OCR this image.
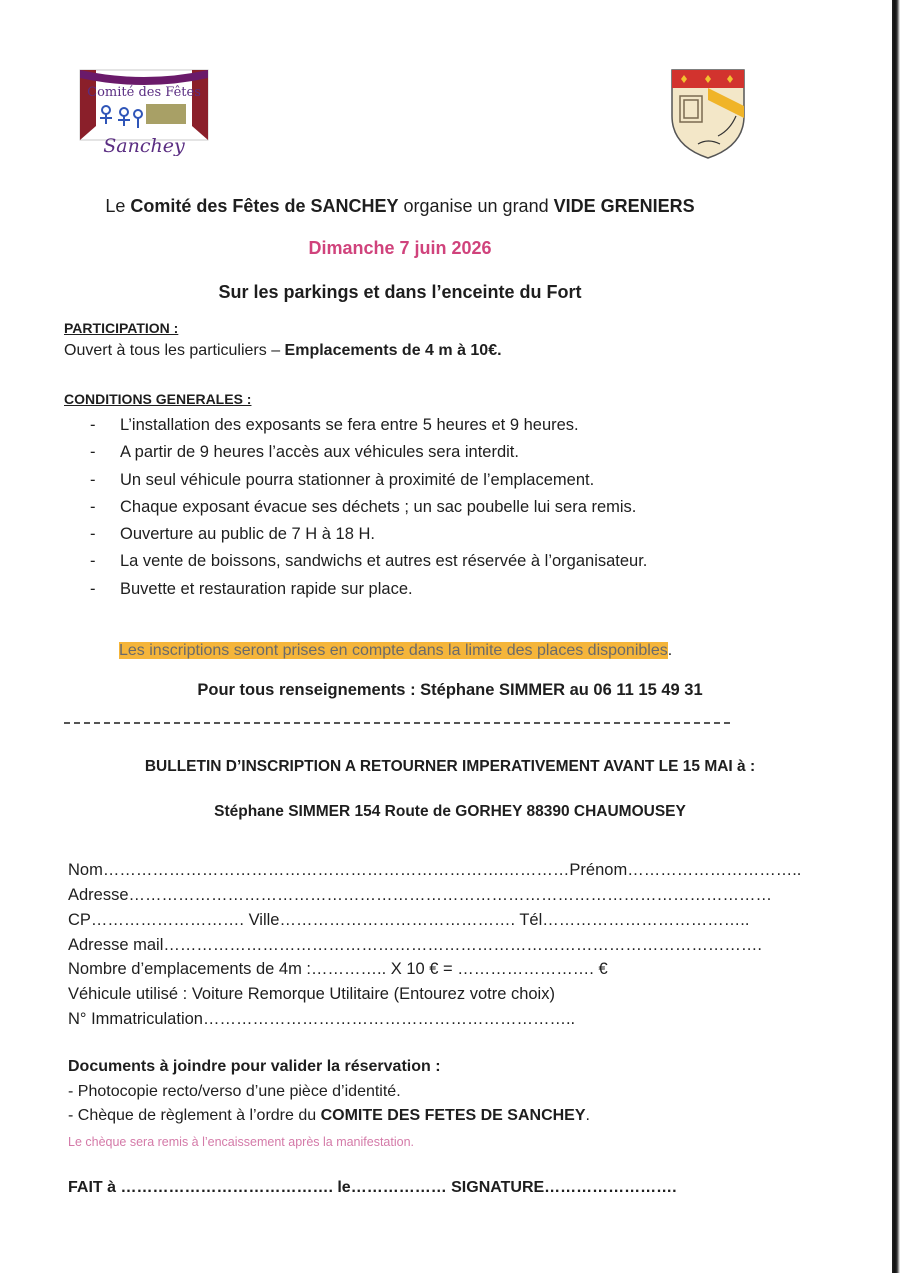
Comité des Fêtes
Sanchey
Le Comité des Fêtes de SANCHEY organise un grand VIDE GRENIERS
Dimanche 7 juin 2026
Sur les parkings et dans l’enceinte du Fort
PARTICIPATION :
Ouvert à tous les particuliers – Emplacements de 4 m à 10€.
CONDITIONS GENERALES :
- L’installation des exposants se fera entre 5 heures et 9 heures.
- A partir de 9 heures l’accès aux véhicules sera interdit.
- Un seul véhicule pourra stationner à proximité de l’emplacement.
- Chaque exposant évacue ses déchets ; un sac poubelle lui sera remis.
- Ouverture au public de 7 H à 18 H.
- La vente de boissons, sandwichs et autres est réservée à l’organisateur.
- Buvette et restauration rapide sur place.
Les inscriptions seront prises en compte dans la limite des places disponibles.
Pour tous renseignements : Stéphane SIMMER au 06 11 15 49 31
BULLETIN D’INSCRIPTION A RETOURNER IMPERATIVEMENT AVANT LE 15 MAI à :
Stéphane SIMMER 154 Route de GORHEY 88390 CHAUMOUSEY
Nom……………………………………………………………….…………Prénom…………………………..
Adresse………………………………………………………………………………………………………
CP………………………. Ville……………………………………. Tél………………………………..
Adresse mail……………………………………………………………………………………………….
Nombre d’emplacements de 4m :………….. X 10 € = ……………………. €
Véhicule utilisé : Voiture Remorque Utilitaire (Entourez votre choix)
N° Immatriculation…………………………………………………………..
Documents à joindre pour valider la réservation :
- Photocopie recto/verso d’une pièce d’identité.
- Chèque de règlement à l’ordre du COMITE DES FETES DE SANCHEY.
Le chèque sera remis à l’encaissement après la manifestation.
FAIT à …………………………………. le……………… SIGNATURE…………………….
